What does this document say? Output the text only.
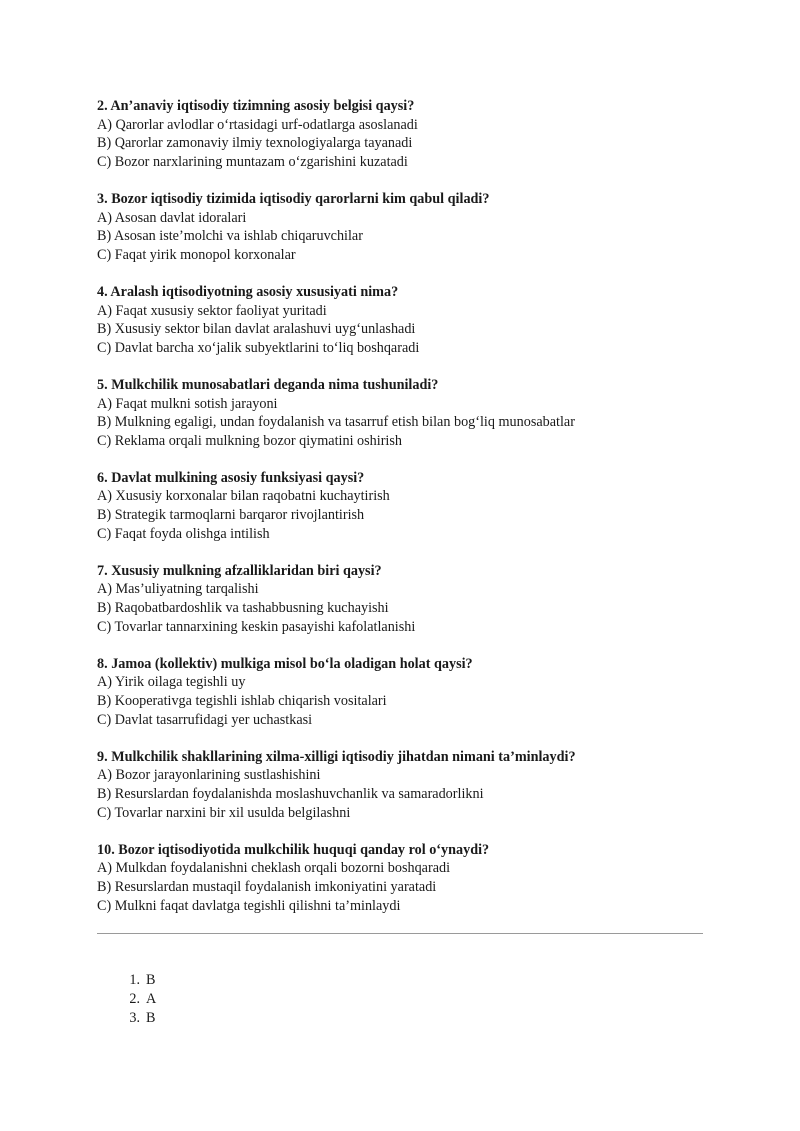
2. An’anaviy iqtisodiy tizimning asosiy belgisi qaysi?
A) Qarorlar avlodlar oʻrtasidagi urf-odatlarga asoslanadi
B) Qarorlar zamonaviy ilmiy texnologiyalarga tayanadi
C) Bozor narxlarining muntazam oʻzgarishini kuzatadi
3. Bozor iqtisodiy tizimida iqtisodiy qarorlarni kim qabul qiladi?
A) Asosan davlat idoralari
B) Asosan iste’molchi va ishlab chiqaruvchilar
C) Faqat yirik monopol korxonalar
4. Aralash iqtisodiyotning asosiy xususiyati nima?
A) Faqat xususiy sektor faoliyat yuritadi
B) Xususiy sektor bilan davlat aralashuvi uygʻunlashadi
C) Davlat barcha xoʻjalik subyektlarini toʻliq boshqaradi
5. Mulkchilik munosabatlari deganda nima tushuniladi?
A) Faqat mulkni sotish jarayoni
B) Mulkning egaligi, undan foydalanish va tasarruf etish bilan bogʻliq munosabatlar
C) Reklama orqali mulkning bozor qiymatini oshirish
6. Davlat mulkining asosiy funksiyasi qaysi?
A) Xususiy korxonalar bilan raqobatni kuchaytirish
B) Strategik tarmoqlarni barqaror rivojlantirish
C) Faqat foyda olishga intilish
7. Xususiy mulkning afzalliklaridan biri qaysi?
A) Mas’uliyatning tarqalishi
B) Raqobatbardoshlik va tashabbusning kuchayishi
C) Tovarlar tannarxining keskin pasayishi kafolatlanishi
8. Jamoa (kollektiv) mulkiga misol boʻla oladigan holat qaysi?
A) Yirik oilaga tegishli uy
B) Kooperativga tegishli ishlab chiqarish vositalari
C) Davlat tasarrufidagi yer uchastkasi
9. Mulkchilik shakllarining xilma-xilligi iqtisodiy jihatdan nimani ta’minlaydi?
A) Bozor jarayonlarining sustlashishini
B) Resurslardan foydalanishda moslashuvchanlik va samaradorlikni
C) Tovarlar narxini bir xil usulda belgilashni
10. Bozor iqtisodiyotida mulkchilik huquqi qanday rol oʻynaydi?
A) Mulkdan foydalanishni cheklash orqali bozorni boshqaradi
B) Resurslardan mustaqil foydalanish imkoniyatini yaratadi
C) Mulkni faqat davlatga tegishli qilishni ta’minlaydi
1. B
2. A
3. B
